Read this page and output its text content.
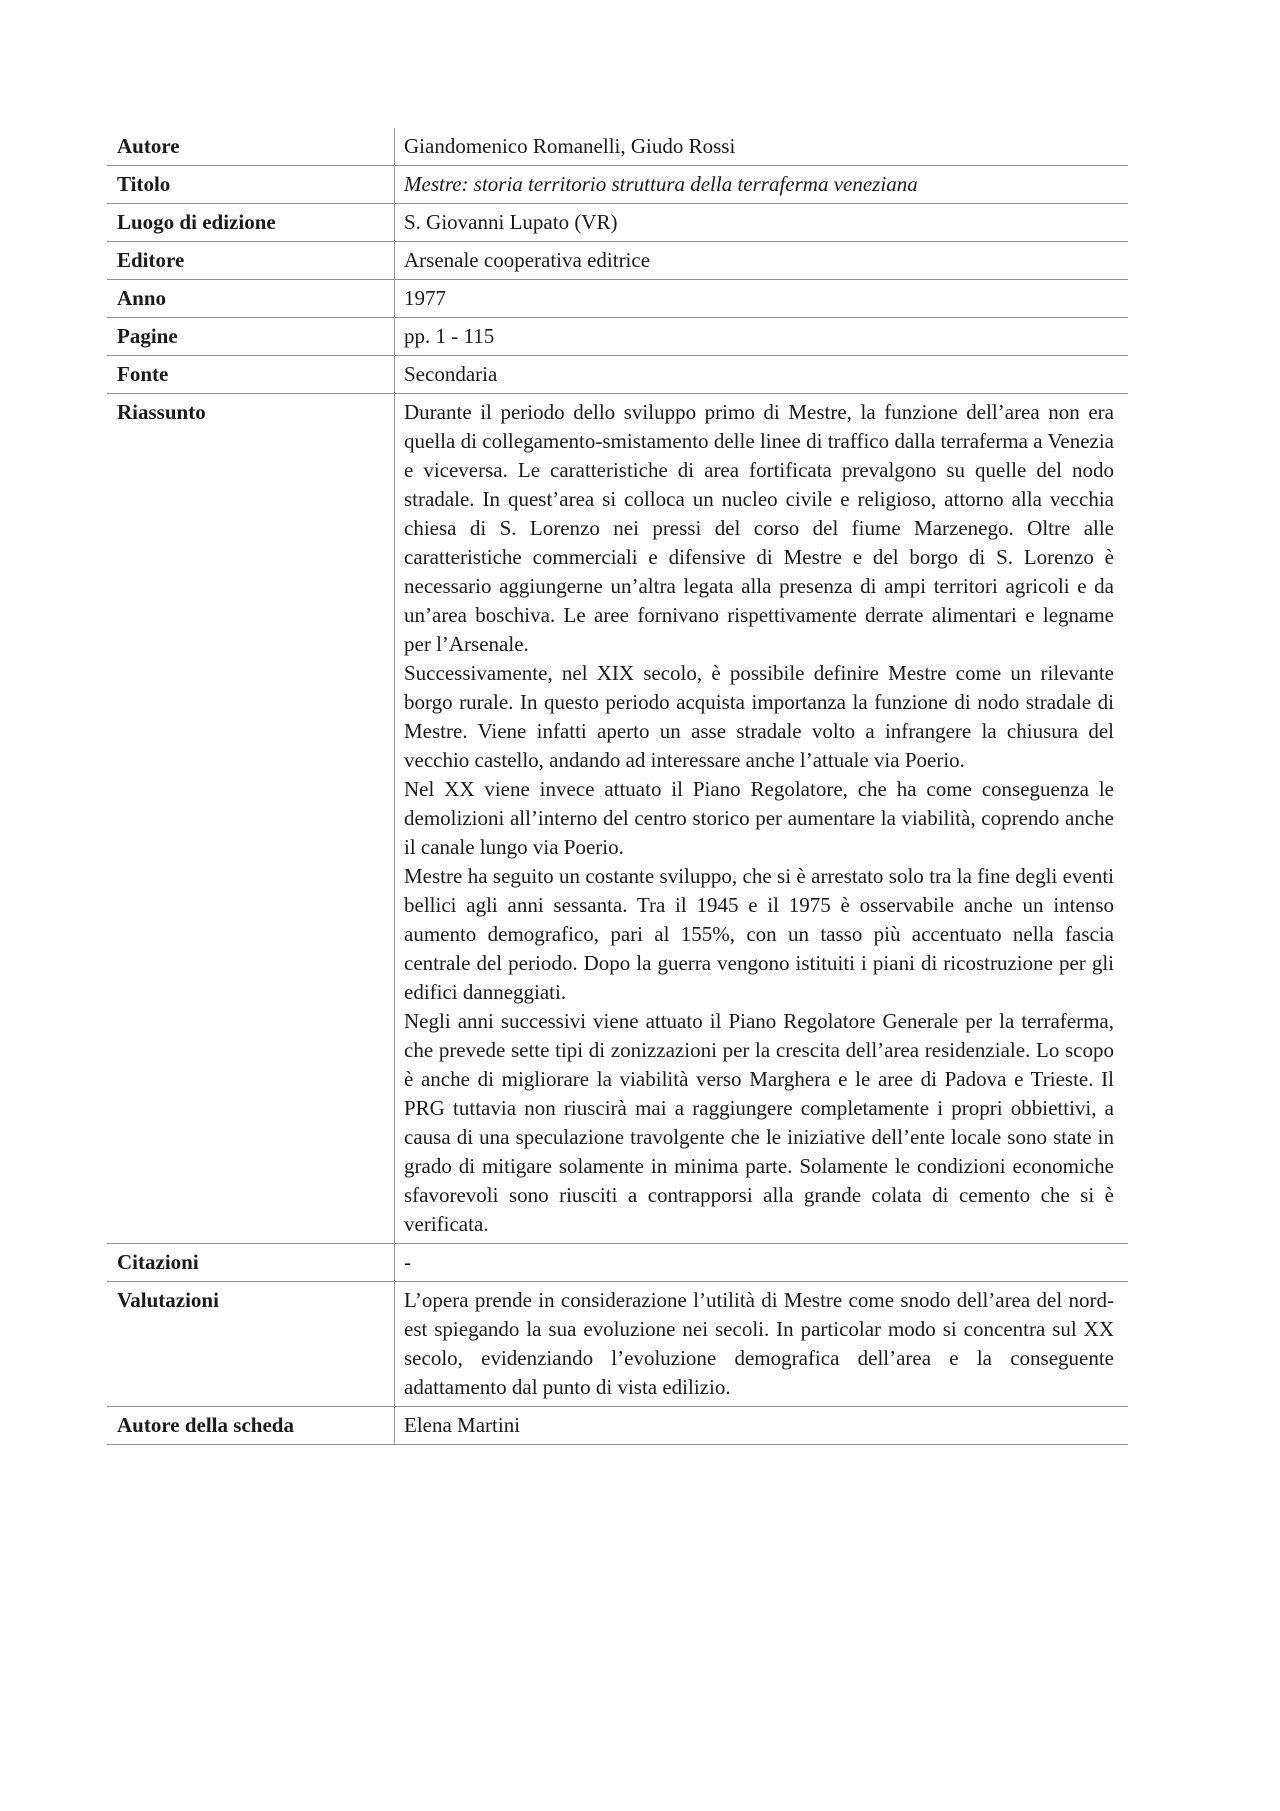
Autore	Giandomenico Romanelli, Giudo Rossi
Titolo	Mestre: storia territorio struttura della terraferma veneziana
Luogo di edizione	S. Giovanni Lupato (VR)
Editore	Arsenale cooperativa editrice
Anno	1977
Pagine	pp. 1 - 115
Fonte	Secondaria
Riassunto	Durante il periodo dello sviluppo primo di Mestre, la funzione dell’area non era quella di collegamento-smistamento delle linee di traffico dalla terraferma a Venezia e viceversa. Le caratteristiche di area fortificata prevalgono su quelle del nodo stradale. In quest’area si colloca un nucleo civile e religioso, attorno alla vecchia chiesa di S. Lorenzo nei pressi del corso del fiume Marzenego. Oltre alle caratteristiche commerciali e difensive di Mestre e del borgo di S. Lorenzo è necessario aggiungerne un’altra legata alla presenza di ampi territori agricoli e da un’area boschiva. Le aree fornivano rispettivamente derrate alimentari e legname per l’Arsenale.

Successivamente, nel XIX secolo, è possibile definire Mestre come un rilevante borgo rurale. In questo periodo acquista importanza la funzione di nodo stradale di Mestre. Viene infatti aperto un asse stradale volto a infrangere la chiusura del vecchio castello, andando ad interessare anche l’attuale via Poerio.

Nel XX viene invece attuato il Piano Regolatore, che ha come conseguenza le demolizioni all’interno del centro storico per aumentare la viabilità, coprendo anche il canale lungo via Poerio.

Mestre ha seguito un costante sviluppo, che si è arrestato solo tra la fine degli eventi bellici agli anni sessanta. Tra il 1945 e il 1975 è osservabile anche un intenso aumento demografico, pari al 155%, con un tasso più accentuato nella fascia centrale del periodo. Dopo la guerra vengono istituiti i piani di ricostruzione per gli edifici danneggiati.

Negli anni successivi viene attuato il Piano Regolatore Generale per la terraferma, che prevede sette tipi di zonizzazioni per la crescita dell’area residenziale. Lo scopo è anche di migliorare la viabilità verso Marghera e le aree di Padova e Trieste. Il PRG tuttavia non riuscirà mai a raggiungere completamente i propri obbiettivi, a causa di una speculazione travolgente che le iniziative dell’ente locale sono state in grado di mitigare solamente in minima parte. Solamente le condizioni economiche sfavorevoli sono riusciti a contrapporsi alla grande colata di cemento che si è verificata.

Citazioni	-
Valutazioni	L’opera prende in considerazione l’utilità di Mestre come snodo dell’area del nord-est spiegando la sua evoluzione nei secoli. In particolar modo si concentra sul XX secolo, evidenziando l’evoluzione demografica dell’area e la conseguente adattamento dal punto di vista edilizio.

Autore della scheda	Elena Martini
